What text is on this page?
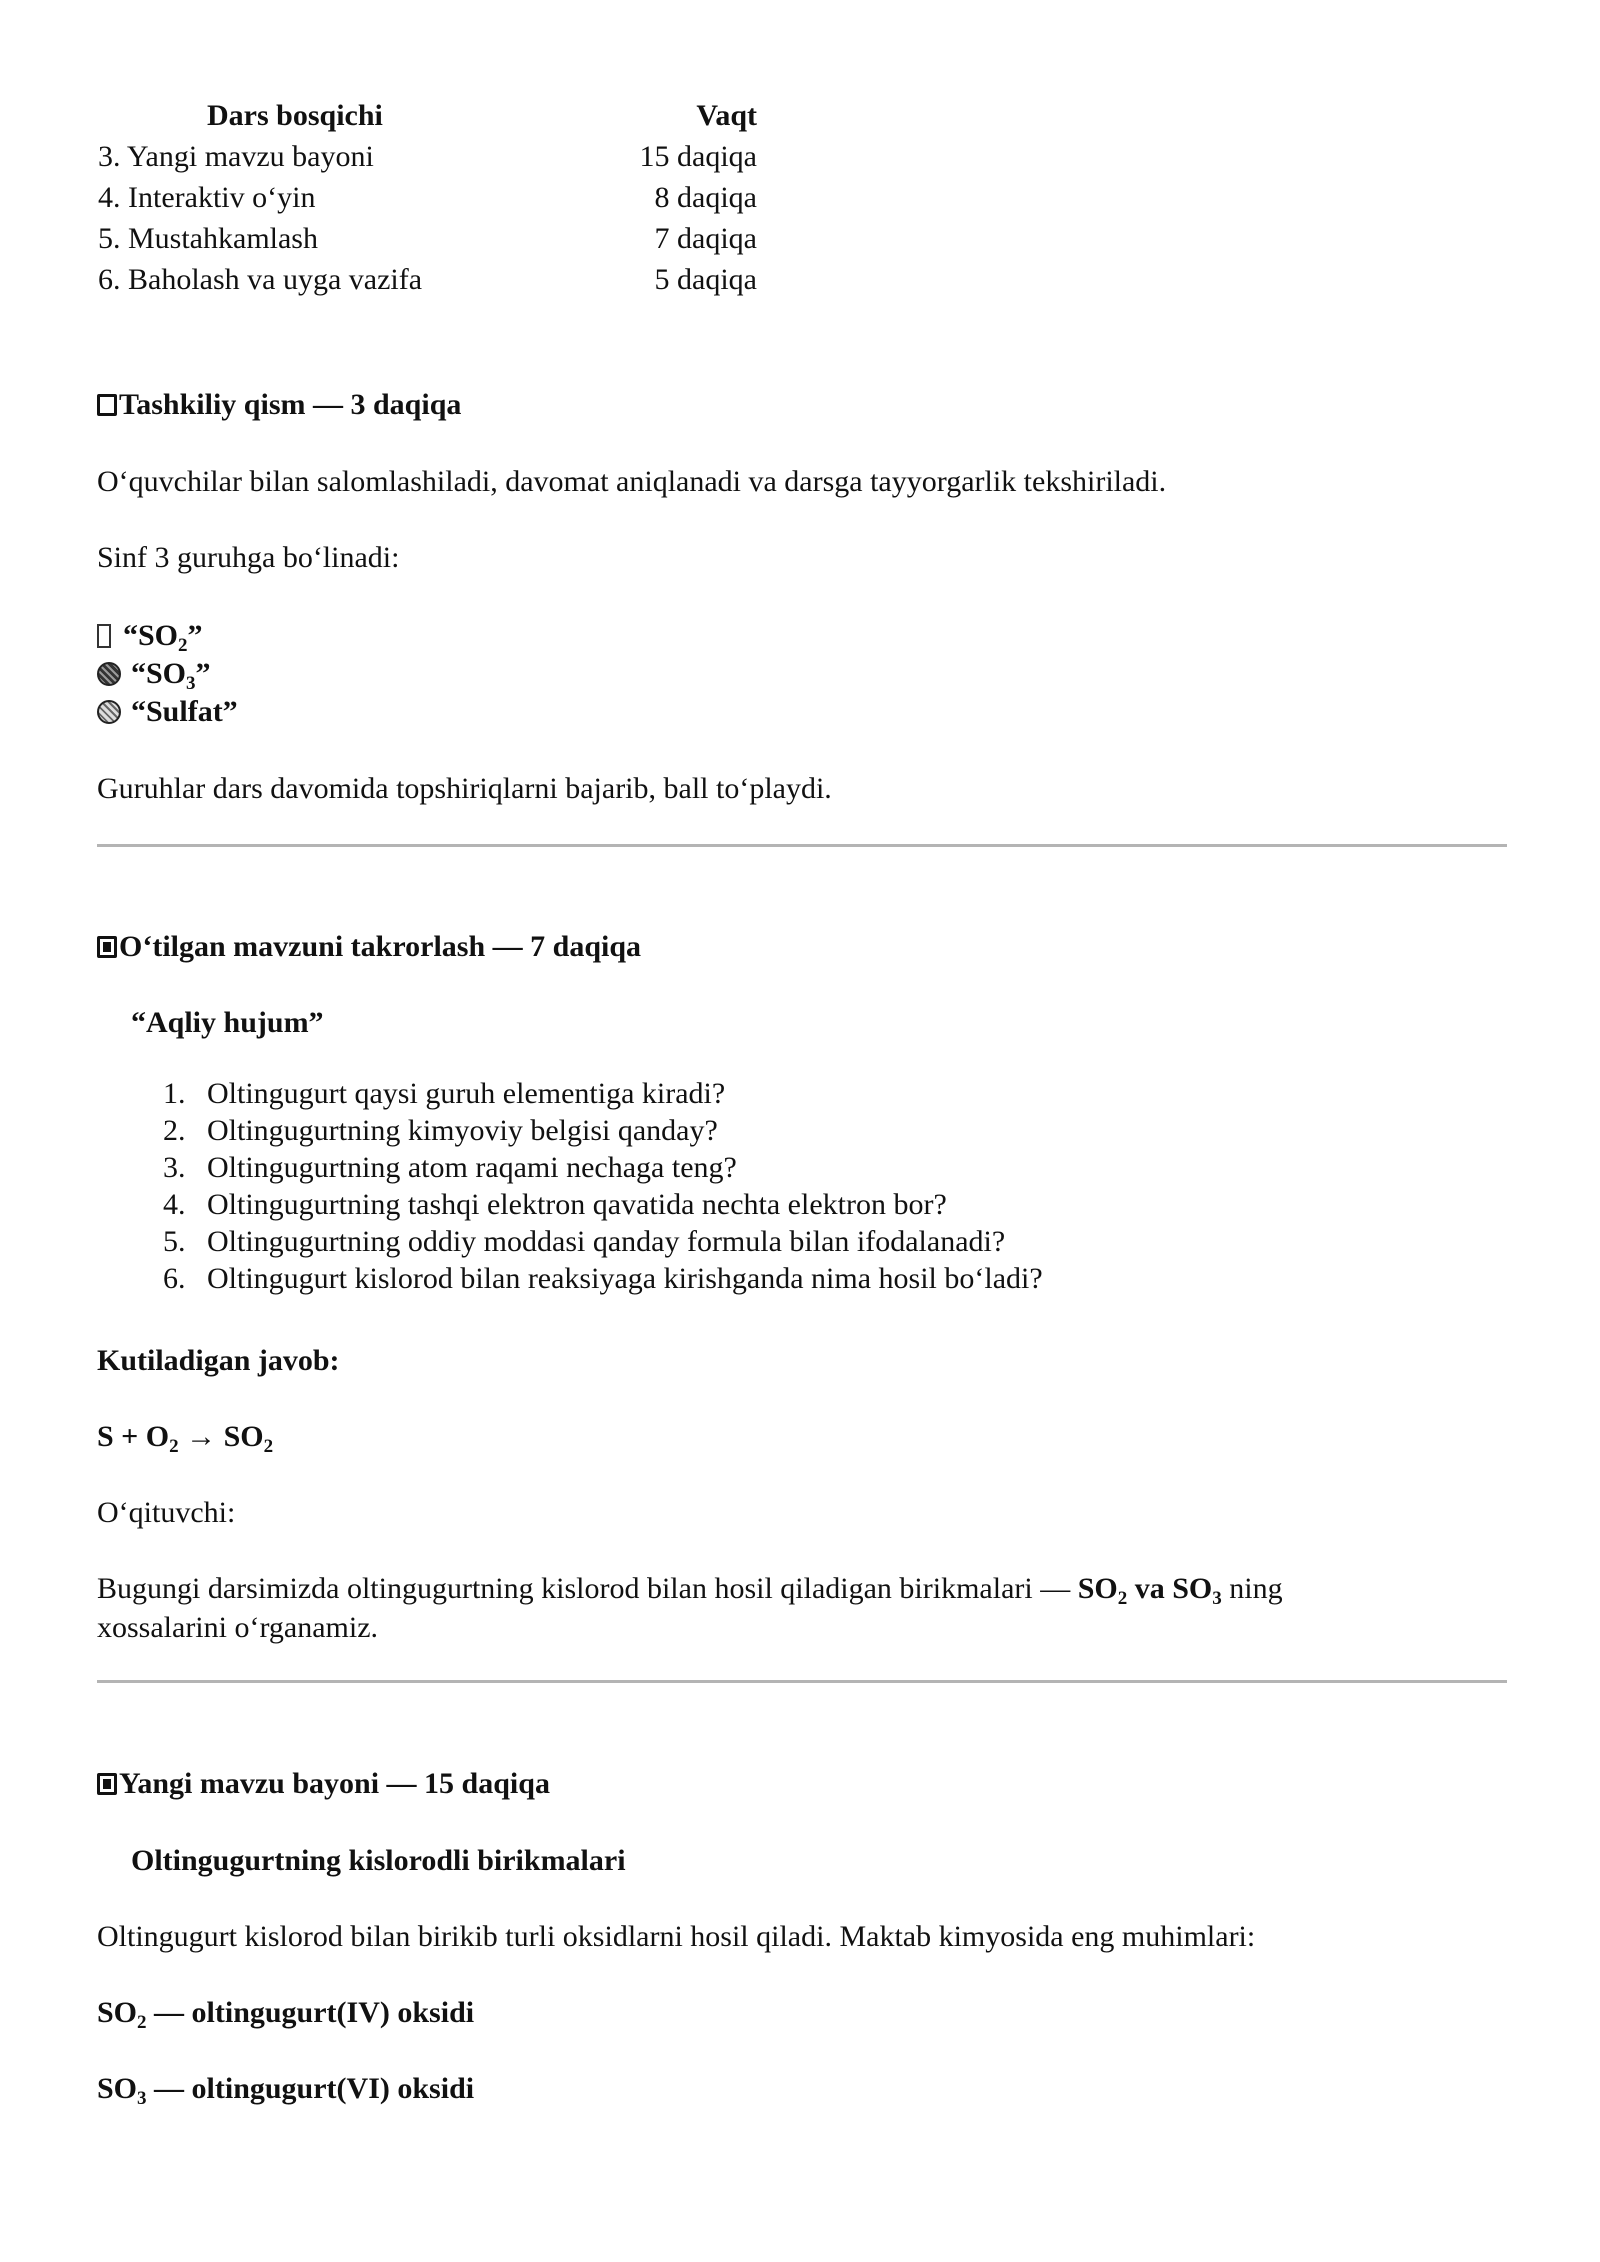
Dars bosqichi	Vaqt
3. Yangi mavzu bayoni	15 daqiqa
4. Interaktiv o‘yin	8 daqiqa
5. Mustahkamlash	7 daqiqa
6. Baholash va uyga vazifa	5 daqiqa
Tashkiliy qism — 3 daqiqa
O‘quvchilar bilan salomlashiladi, davomat aniqlanadi va darsga tayyorgarlik tekshiriladi.
Sinf 3 guruhga bo‘linadi:
“$SO_2$”
“$SO_3$”
“Sulfat”
Guruhlar dars davomida topshiriqlarni bajarib, ball to‘playdi.
O‘tilgan mavzuni takrorlash — 7 daqiqa
“Aqliy hujum”
1. Oltingugurt qaysi guruh elementiga kiradi?
2. Oltingugurtning kimyoviy belgisi qanday?
3. Oltingugurtning atom raqami nechaga teng?
4. Oltingugurtning tashqi elektron qavatida nechta elektron bor?
5. Oltingugurtning oddiy moddasi qanday formula bilan ifodalanadi?
6. Oltingugurt kislorod bilan reaksiyaga kirishganda nima hosil bo‘ladi?
Kutiladigan javob:
$S + O_2 \to SO_2$
O‘qituvchi:
Bugungi darsimizda oltingugurtning kislorod bilan hosil qiladigan birikmalari — $SO_2$ va $SO_3$ ning
xossalarini o‘rganamiz.
Yangi mavzu bayoni — 15 daqiqa
Oltingugurtning kislorodli birikmalari
Oltingugurt kislorod bilan birikib turli oksidlarni hosil qiladi. Maktab kimyosida eng muhimlari:
$SO_2$ — oltingugurt(IV) oksidi
$SO_3$ — oltingugurt(VI) oksidi
